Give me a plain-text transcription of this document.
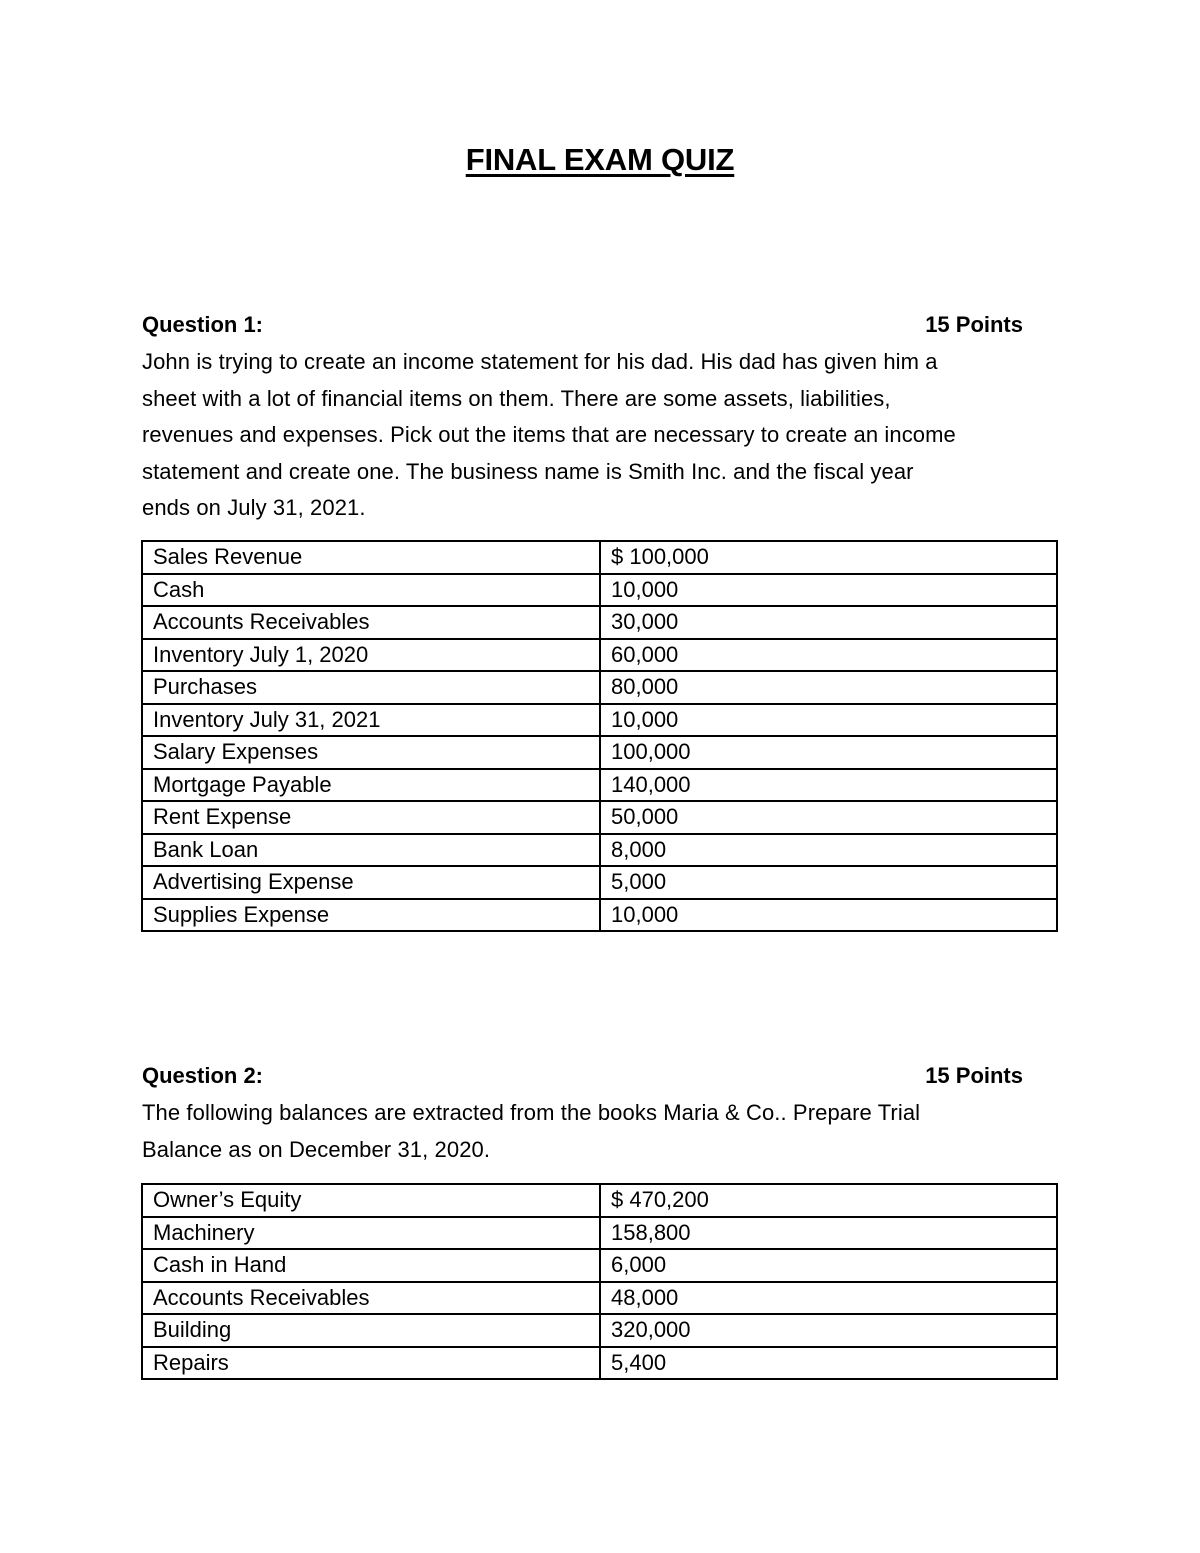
FINAL EXAM QUIZ
Question 1:	15 Points
John is trying to create an income statement for his dad. His dad has given him a
sheet with a lot of financial items on them. There are some assets, liabilities,
revenues and expenses. Pick out the items that are necessary to create an income
statement and create one. The business name is Smith Inc. and the fiscal year
ends on July 31, 2021.
Sales Revenue	$ 100,000
Cash	10,000
Accounts Receivables	30,000
Inventory July 1, 2020	60,000
Purchases	80,000
Inventory July 31, 2021	10,000
Salary Expenses	100,000
Mortgage Payable	140,000
Rent Expense	50,000
Bank Loan	8,000
Advertising Expense	5,000
Supplies Expense	10,000
Question 2:	15 Points
The following balances are extracted from the books Maria & Co.. Prepare Trial
Balance as on December 31, 2020.
Owner’s Equity	$ 470,200
Machinery	158,800
Cash in Hand	6,000
Accounts Receivables	48,000
Building	320,000
Repairs	5,400
